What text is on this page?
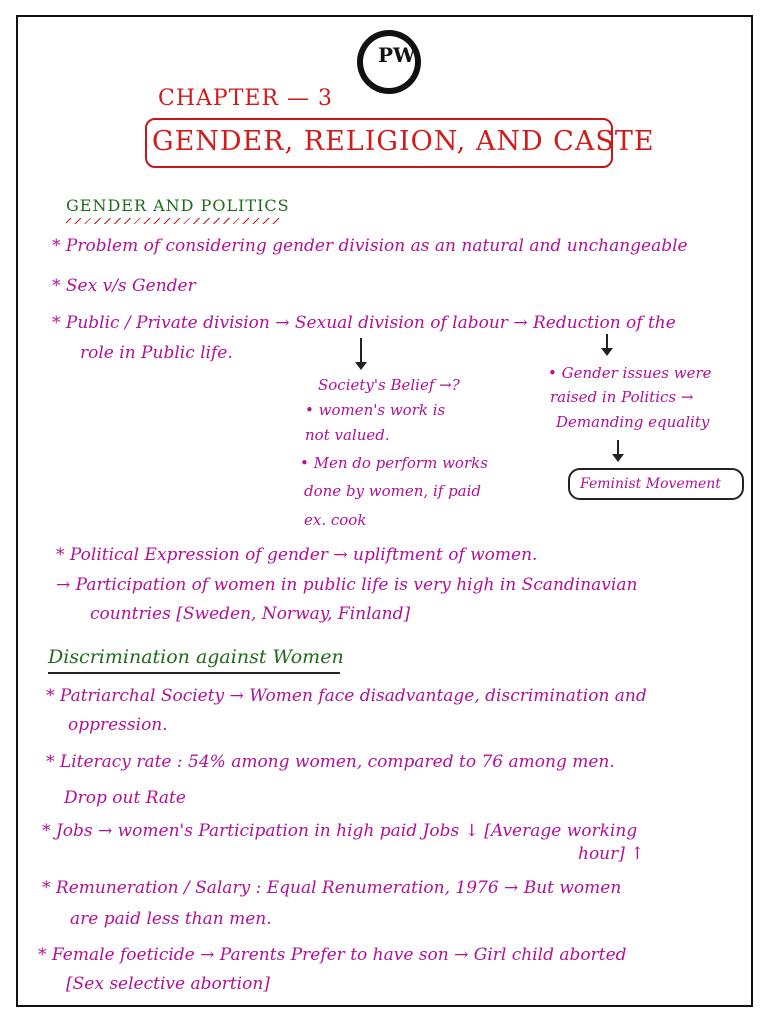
PW
CHAPTER — 3
GENDER, RELIGION, AND CASTE
GENDER AND POLITICS
* Problem of considering gender division as an natural and unchangeable
* Sex v/s Gender
* Public / Private division → Sexual division of labour → Reduction of the
role in Public life.
Society's Belief →?
• women's work is
not valued.
• Men do perform works
done by women, if paid
ex. cook
• Gender issues were
raised in Politics →
Demanding equality
Feminist Movement
* Political Expression of gender → upliftment of women.
→ Participation of women in public life is very high in Scandinavian
countries [Sweden, Norway, Finland]
Discrimination against Women
* Patriarchal Society → Women face disadvantage, discrimination and
oppression.
* Literacy rate : 54% among women, compared to 76 among men.
Drop out Rate
* Jobs → women's Participation in high paid Jobs ↓ [Average working
hour] ↑
* Remuneration / Salary : Equal Renumeration, 1976 → But women
are paid less than men.
* Female foeticide → Parents Prefer to have son → Girl child aborted
[Sex selective abortion]
